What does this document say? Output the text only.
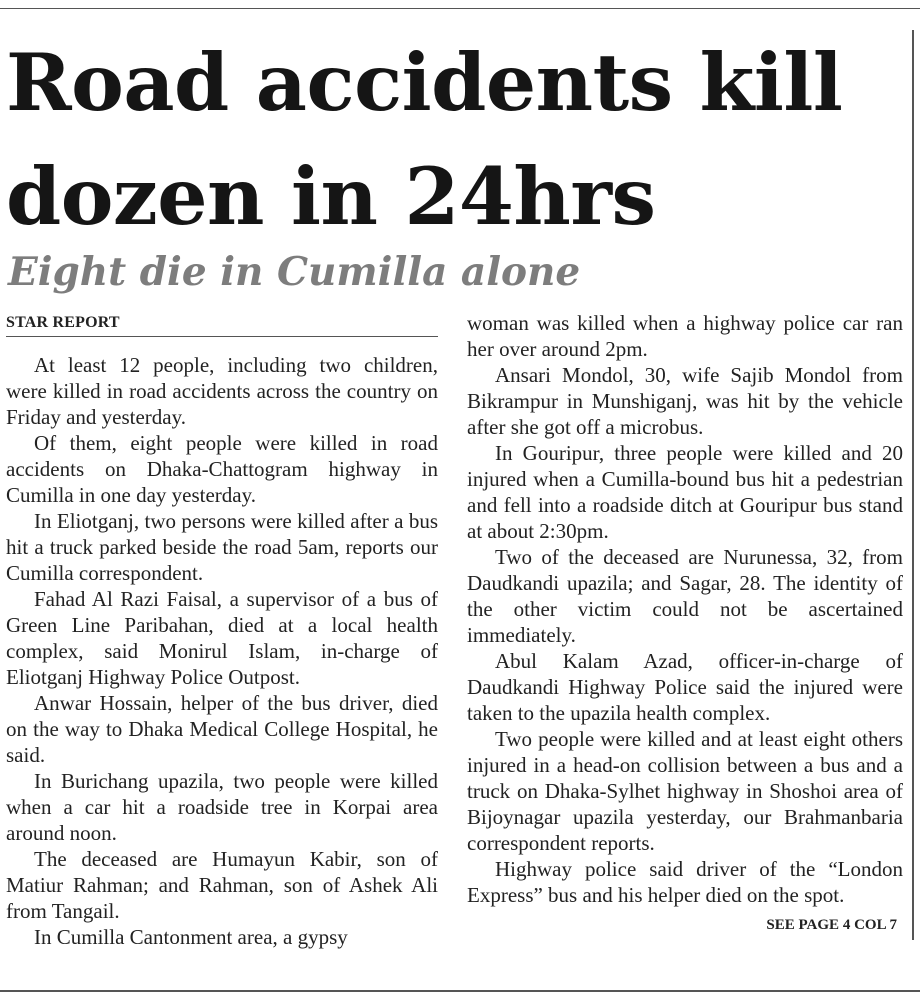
Road accidents kill dozen in 24hrs
Eight die in Cumilla alone
STAR REPORT

At least 12 people, including two children, were killed in road accidents across the country on Friday and yesterday.

Of them, eight people were killed in road accidents on Dhaka-Chattogram highway in Cumilla in one day yesterday.

In Eliotganj, two persons were killed after a bus hit a truck parked beside the road 5am, reports our Cumilla correspondent.

Fahad Al Razi Faisal, a supervisor of a bus of Green Line Paribahan, died at a local health complex, said Monirul Islam, in-charge of Eliotganj Highway Police Outpost.

Anwar Hossain, helper of the bus driver, died on the way to Dhaka Medical College Hospital, he said.

In Burichang upazila, two people were killed when a car hit a roadside tree in Korpai area around noon.

The deceased are Humayun Kabir, son of Matiur Rahman; and Rahman, son of Ashek Ali from Tangail.

In Cumilla Cantonment area, a gypsy

woman was killed when a highway police car ran her over around 2pm.

Ansari Mondol, 30, wife Sajib Mondol from Bikrampur in Munshiganj, was hit by the vehicle after she got off a microbus.

In Gouripur, three people were killed and 20 injured when a Cumilla-bound bus hit a pedestrian and fell into a roadside ditch at Gouripur bus stand at about 2:30pm.

Two of the deceased are Nurunessa, 32, from Daudkandi upazila; and Sagar, 28. The identity of the other victim could not be ascertained immediately.

Abul Kalam Azad, officer-in-charge of Daudkandi Highway Police said the injured were taken to the upazila health complex.

Two people were killed and at least eight others injured in a head-on collision between a bus and a truck on Dhaka-Sylhet highway in Shoshoi area of Bijoynagar upazila yesterday, our Brahmanbaria correspondent reports.

Highway police said driver of the “London Express” bus and his helper died on the spot.

SEE PAGE 4 COL 7
